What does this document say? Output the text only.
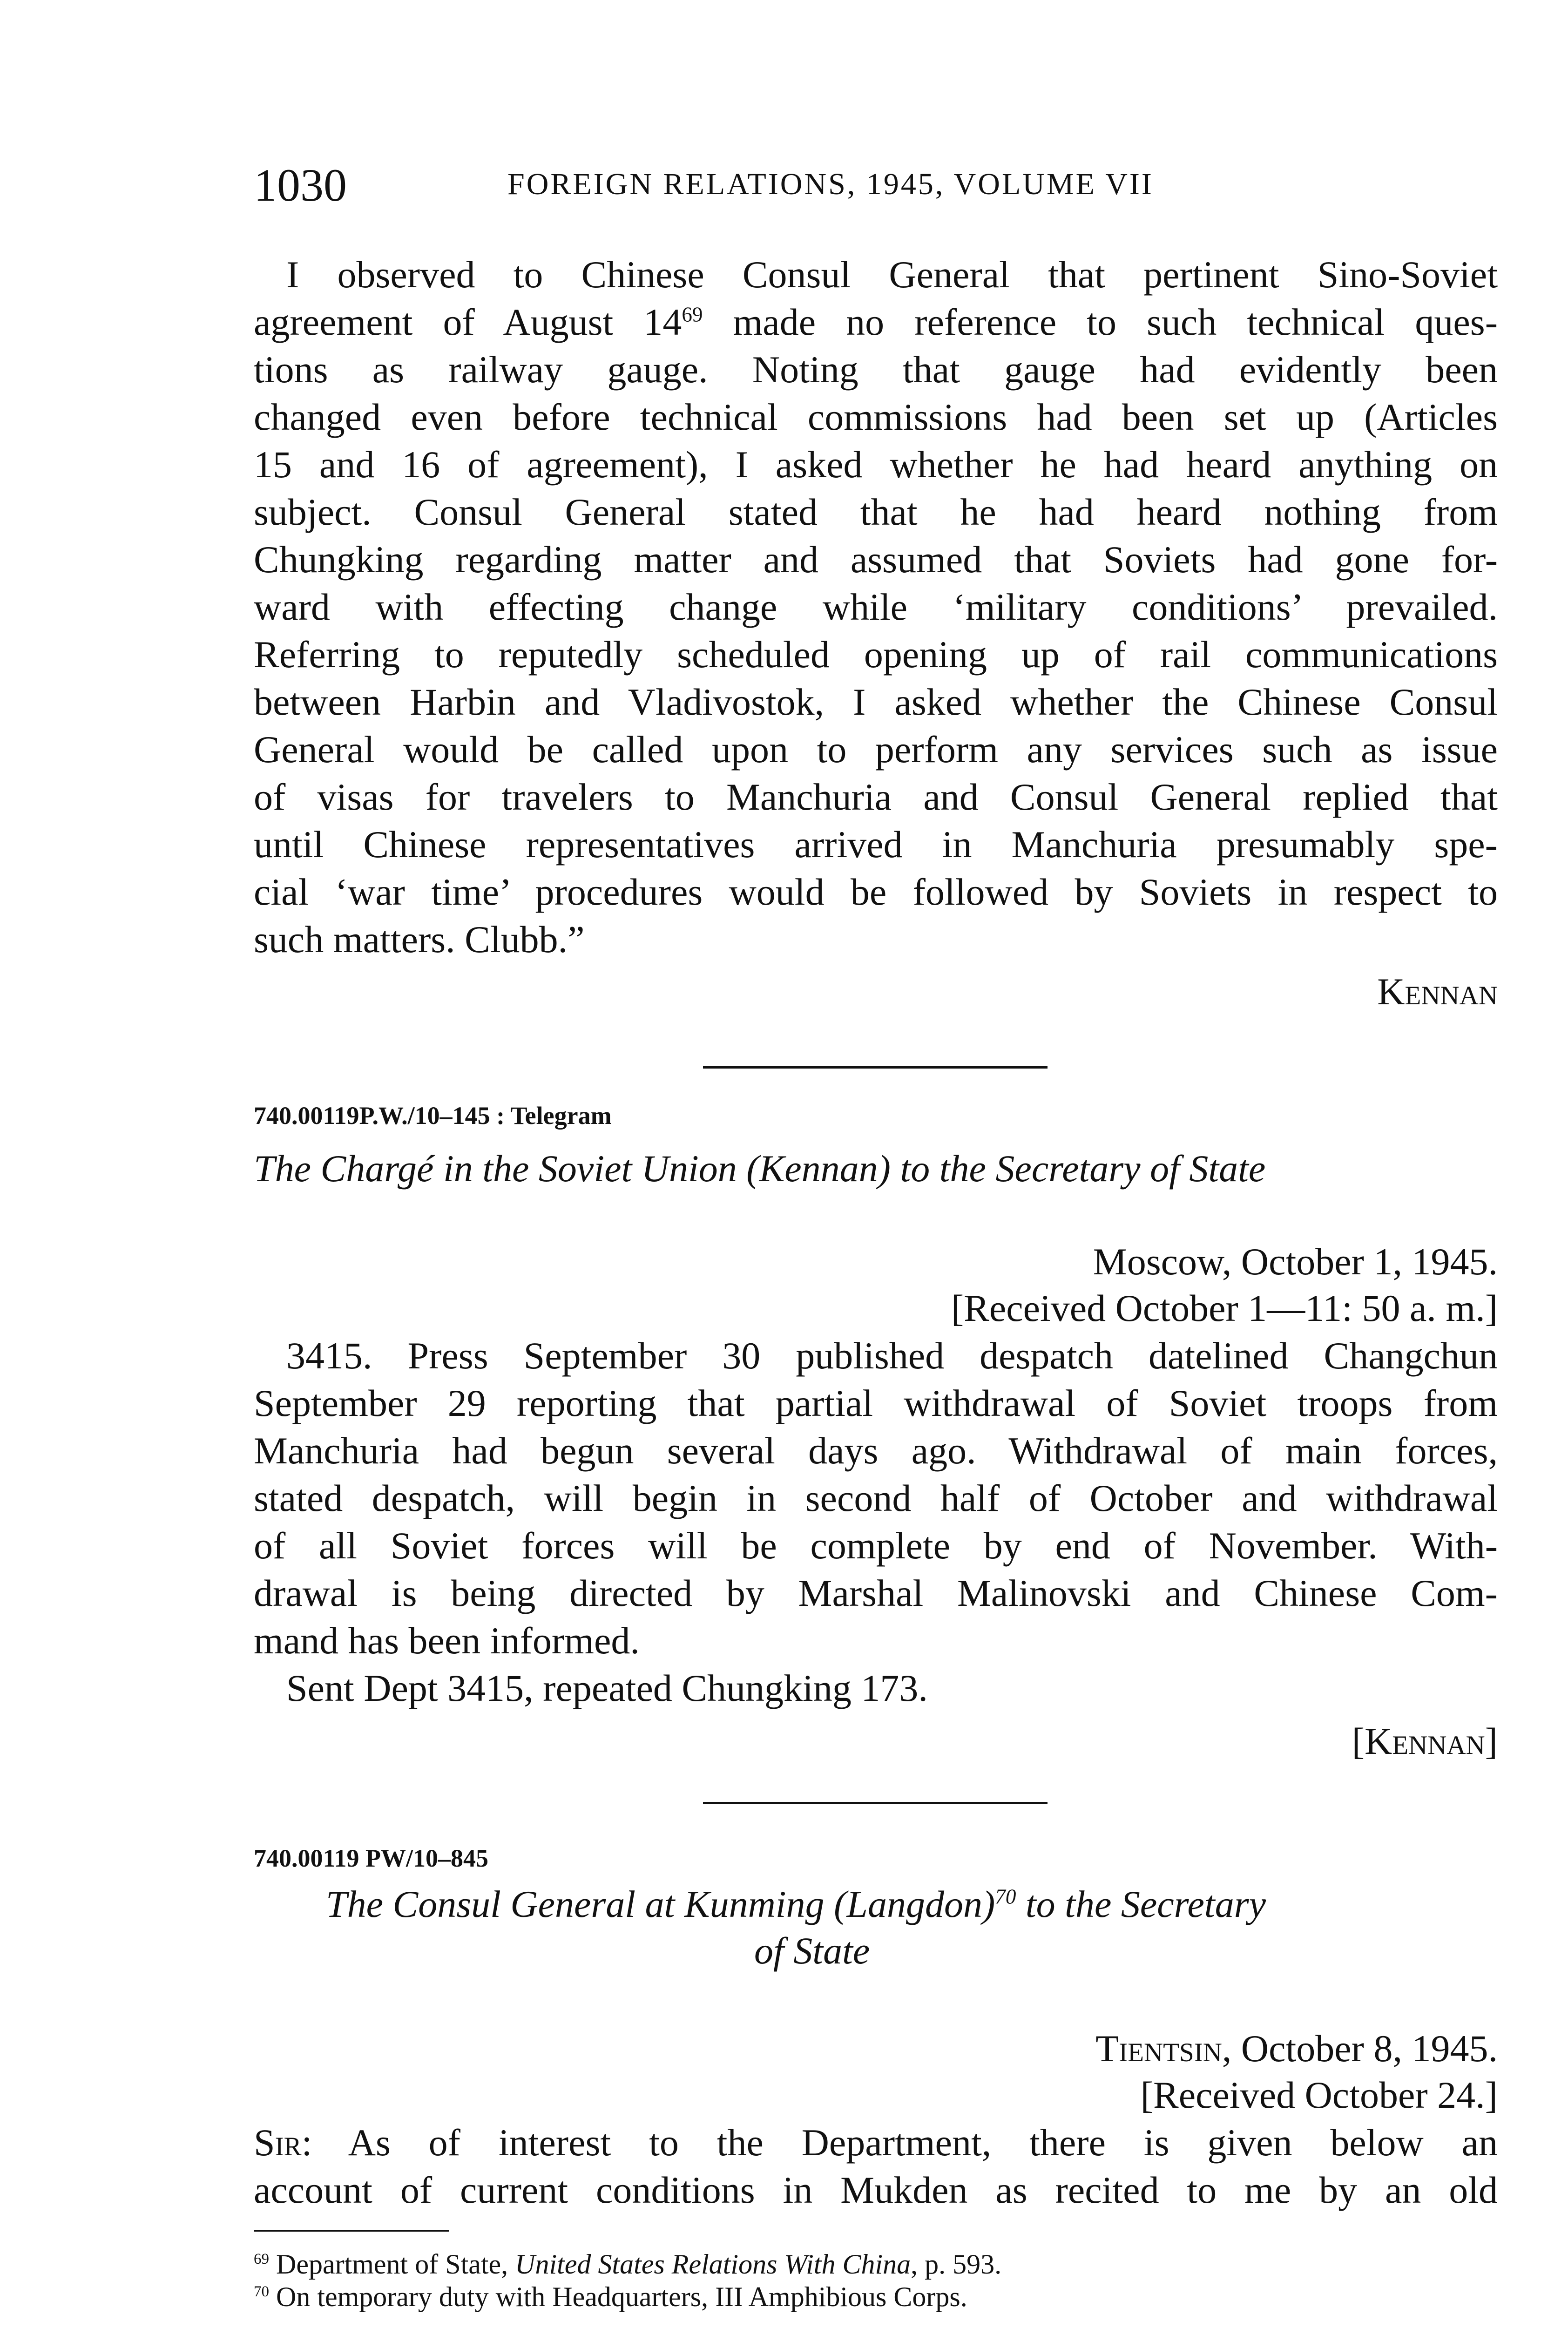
1030	FOREIGN RELATIONS, 1945, VOLUME VII
I observed to Chinese Consul General that pertinent Sino-Soviet
agreement of August $14^{69}$ made no reference to such technical ques-
tions as railway gauge. Noting that gauge had evidently been
changed even before technical commissions had been set up (Articles
15 and 16 of agreement), I asked whether he had heard anything on
subject. Consul General stated that he had heard nothing from
Chungking regarding matter and assumed that Soviets had gone for-
ward with effecting change while ‘military conditions’ prevailed.
Referring to reputedly scheduled opening up of rail communications
between Harbin and Vladivostok, I asked whether the Chinese Consul
General would be called upon to perform any services such as issue
of visas for travelers to Manchuria and Consul General replied that
until Chinese representatives arrived in Manchuria presumably spe-
cial ‘war time’ procedures would be followed by Soviets in respect to
such matters. Clubb.”
Kennan
740.00119P.W./10–145 : Telegram
The Chargé in the Soviet Union (Kennan) to the Secretary of State
Moscow, October 1, 1945.
[Received October 1—11: 50 a. m.]
3415. Press September 30 published despatch datelined Changchun
September 29 reporting that partial withdrawal of Soviet troops from
Manchuria had begun several days ago. Withdrawal of main forces,
stated despatch, will begin in second half of October and withdrawal
of all Soviet forces will be complete by end of November. With-
drawal is being directed by Marshal Malinovski and Chinese Com-
mand has been informed.
Sent Dept 3415, repeated Chungking 173.
[Kennan]
740.00119 PW/10–845
The Consul General at Kunming (Langdon)$^{70}$ to the Secretary
of State
Tientsin, October 8, 1945.
[Received October 24.]
Sir: As of interest to the Department, there is given below an
account of current conditions in Mukden as recited to me by an old
$^{69}$ Department of State, United States Relations With China, p. 593.
$^{70}$ On temporary duty with Headquarters, III Amphibious Corps.
